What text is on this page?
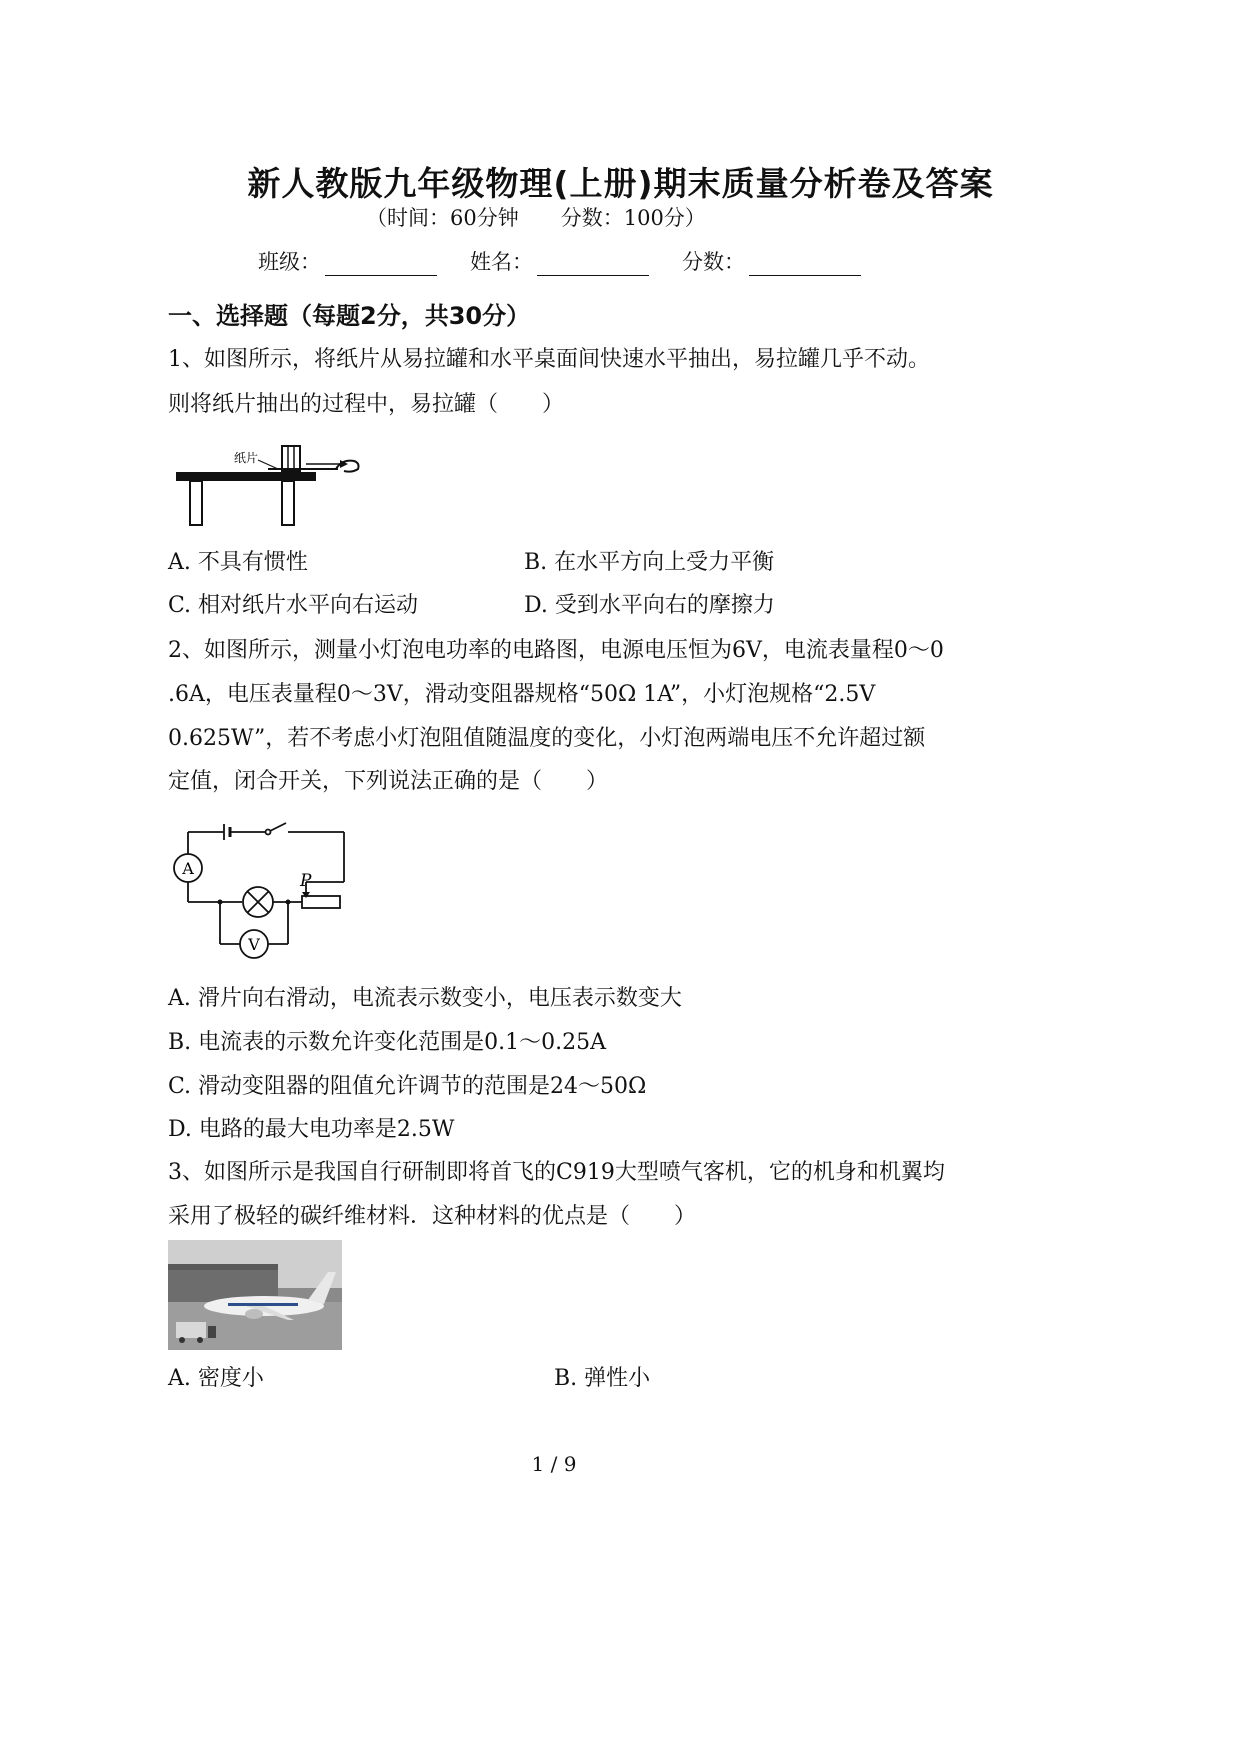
新人教版九年级物理(上册)期末质量分析卷及答案
（时间：60分钟　　分数：100分）
班级：	姓名：	分数：
一、选择题（每题2分，共30分）
1、如图所示，将纸片从易拉罐和水平桌面间快速水平抽出，易拉罐几乎不动。
则将纸片抽出的过程中，易拉罐（　　）
纸片
A. 不具有惯性	B. 在水平方向上受力平衡
C. 相对纸片水平向右运动	D. 受到水平向右的摩擦力
2、如图所示，测量小灯泡电功率的电路图，电源电压恒为6V，电流表量程0～0
.6A，电压表量程0～3V，滑动变阻器规格“50Ω 1A”，小灯泡规格“2.5V
0.625W”，若不考虑小灯泡阻值随温度的变化，小灯泡两端电压不允许超过额
定值，闭合开关，下列说法正确的是（　　）
A
V
P
A. 滑片向右滑动，电流表示数变小，电压表示数变大
B. 电流表的示数允许变化范围是0.1～0.25A
C. 滑动变阻器的阻值允许调节的范围是24～50Ω
D. 电路的最大电功率是2.5W
3、如图所示是我国自行研制即将首飞的C919大型喷气客机，它的机身和机翼均
采用了极轻的碳纤维材料．这种材料的优点是（　　）
A. 密度小	B. 弹性小
1 / 9
